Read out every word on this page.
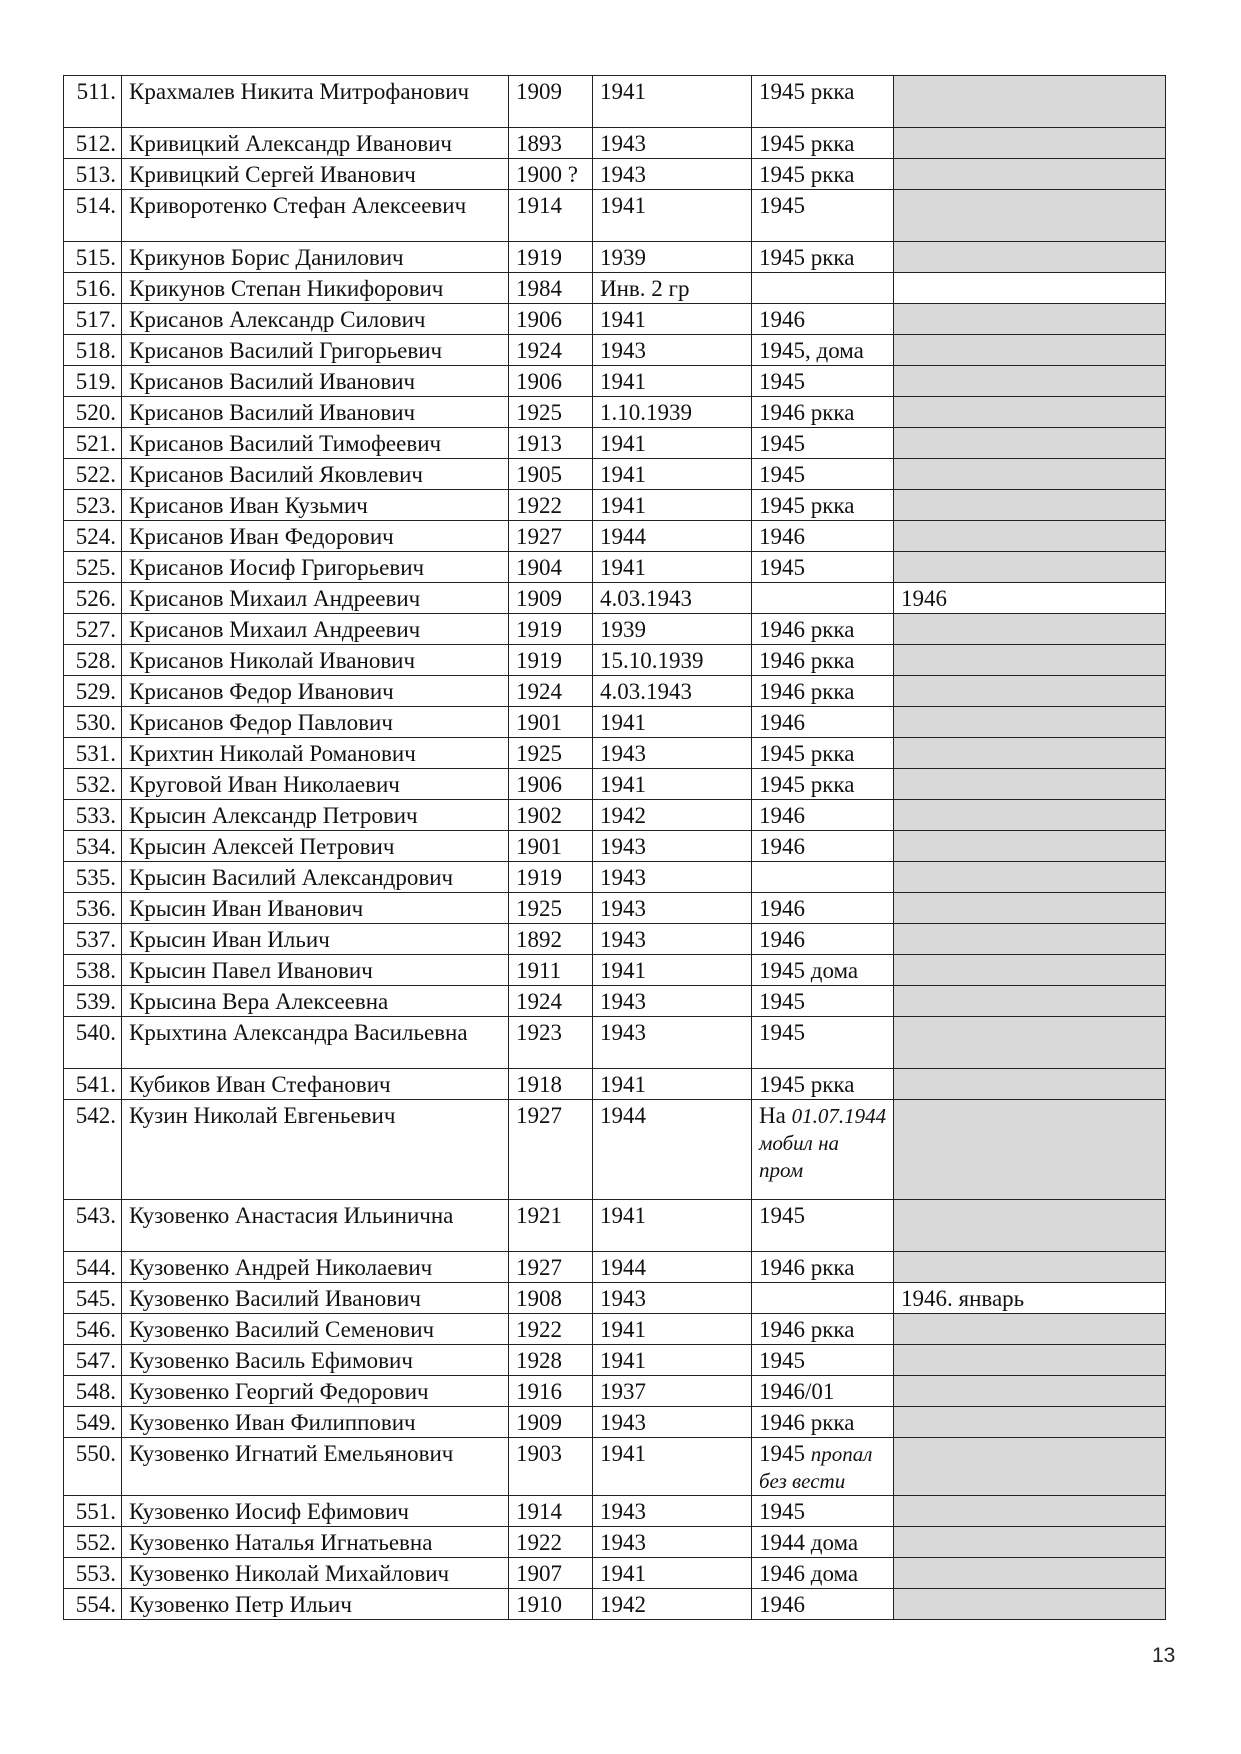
511.	Крахмалев Никита Митрофанович	1909	1941	1945 ркка	
512.	Кривицкий Александр Иванович	1893	1943	1945 ркка	
513.	Кривицкий Сергей Иванович	1900 ?	1943	1945 ркка	
514.	Криворотенко Стефан Алексеевич	1914	1941	1945	
515.	Крикунов Борис Данилович	1919	1939	1945 ркка	
516.	Крикунов Степан Никифорович	1984	Инв. 2 гр		
517.	Крисанов Александр Силович	1906	1941	1946	
518.	Крисанов Василий Григорьевич	1924	1943	1945, дома	
519.	Крисанов Василий Иванович	1906	1941	1945	
520.	Крисанов Василий Иванович	1925	1.10.1939	1946 ркка	
521.	Крисанов Василий Тимофеевич	1913	1941	1945	
522.	Крисанов Василий Яковлевич	1905	1941	1945	
523.	Крисанов Иван Кузьмич	1922	1941	1945 ркка	
524.	Крисанов Иван Федорович	1927	1944	1946	
525.	Крисанов Иосиф Григорьевич	1904	1941	1945	
526.	Крисанов Михаил Андреевич	1909	4.03.1943		1946
527.	Крисанов Михаил Андреевич	1919	1939	1946 ркка	
528.	Крисанов Николай Иванович	1919	15.10.1939	1946 ркка	
529.	Крисанов Федор Иванович	1924	4.03.1943	1946 ркка	
530.	Крисанов Федор Павлович	1901	1941	1946	
531.	Крихтин Николай Романович	1925	1943	1945 ркка	
532.	Круговой Иван Николаевич	1906	1941	1945 ркка	
533.	Крысин Александр Петрович	1902	1942	1946	
534.	Крысин Алексей Петрович	1901	1943	1946	
535.	Крысин Василий Александрович	1919	1943		
536.	Крысин Иван Иванович	1925	1943	1946	
537.	Крысин Иван Ильич	1892	1943	1946	
538.	Крысин Павел Иванович	1911	1941	1945 дома	
539.	Крысина Вера Алексеевна	1924	1943	1945	
540.	Крыхтина Александра Васильевна	1923	1943	1945	
541.	Кубиков Иван Стефанович	1918	1941	1945 ркка	
542.	Кузин Николай Евгеньевич	1927	1944	На 01.07.1944 мобил на пром	
543.	Кузовенко Анастасия Ильинична	1921	1941	1945	
544.	Кузовенко Андрей Николаевич	1927	1944	1946 ркка	
545.	Кузовенко Василий Иванович	1908	1943		1946. январь
546.	Кузовенко Василий Семенович	1922	1941	1946 ркка	
547.	Кузовенко Василь Ефимович	1928	1941	1945	
548.	Кузовенко Георгий Федорович	1916	1937	1946/01	
549.	Кузовенко Иван Филиппович	1909	1943	1946 ркка	
550.	Кузовенко Игнатий Емельянович	1903	1941	1945 пропал без вести	
551.	Кузовенко Иосиф Ефимович	1914	1943	1945	
552.	Кузовенко Наталья Игнатьевна	1922	1943	1944 дома	
553.	Кузовенко Николай Михайлович	1907	1941	1946 дома	
554.	Кузовенко Петр Ильич	1910	1942	1946	
13
